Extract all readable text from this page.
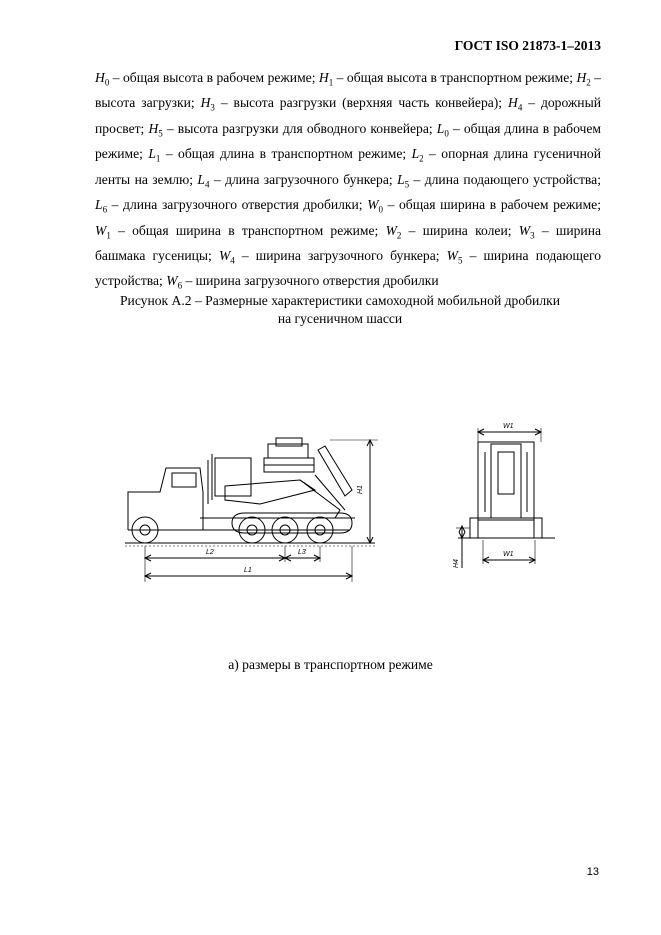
ГОСТ ISO 21873-1–2013

$H_0$ – общая высота в рабочем режиме; $H_1$ – общая высота в транспортном режиме; $H_2$ – высота загрузки; $H_3$ – высота разгрузки (верхняя часть конвейера); $H_4$ – дорожный просвет; $H_5$ – высота разгрузки для обводного конвейера; $L_0$ – общая длина в рабочем режиме; $L_1$ – общая длина в транспортном режиме; $L_2$ – опорная длина гусеничной ленты на землю; $L_4$ – длина загрузочного бункера; $L_5$ – длина подающего устройства; $L_6$ – длина загрузочного отверстия дробилки; $W_0$ – общая ширина в рабочем режиме; $W_1$ – общая ширина в транспортном режиме; $W_2$ – ширина колеи; $W_3$ – ширина башмака гусеницы; $W_4$ – ширина загрузочного бункера; $W_5$ – ширина подающего устройства; $W_6$ – ширина загрузочного отверстия дробилки

Рисунок А.2 – Размерные характеристики самоходной мобильной дробилки
на гусеничном шасси
L2	L3
L1
H1
W1
W1
H4
а) размеры в транспортном режиме
13
